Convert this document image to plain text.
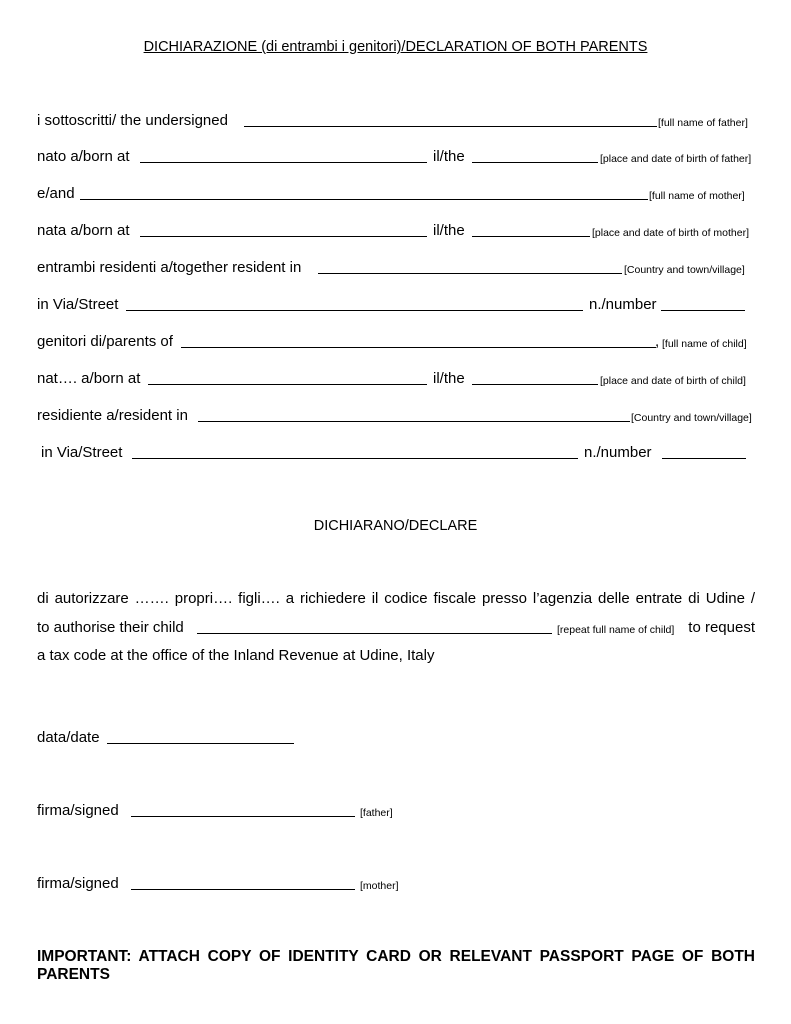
DICHIARAZIONE (di entrambi i genitori)/DECLARATION OF BOTH PARENTS
i sottoscritti/ the undersigned	[full name of father]
nato a/born at	il/the	[place and date of birth of father]
e/and	[full name of mother]
nata a/born at	il/the	[place and date of birth of mother]
entrambi residenti a/together resident in	[Country and town/village]
in Via/Street	n./number
genitori di/parents of	, [full name of child]
nat…. a/born at	il/the	[place and date of birth of child]
residiente a/resident in	[Country and town/village]
in Via/Street	n./number
DICHIARANO/DECLARE
di autorizzare ……. propri…. figli…. a richiedere il codice fiscale presso l’agenzia delle entrate di Udine /
to authorise their child	[repeat full name of child] to request
a tax code at the office of the Inland Revenue at Udine, Italy
data/date
firma/signed	[father]
firma/signed	[mother]
IMPORTANT: ATTACH COPY OF IDENTITY CARD OR RELEVANT PASSPORT PAGE OF BOTH
PARENTS
